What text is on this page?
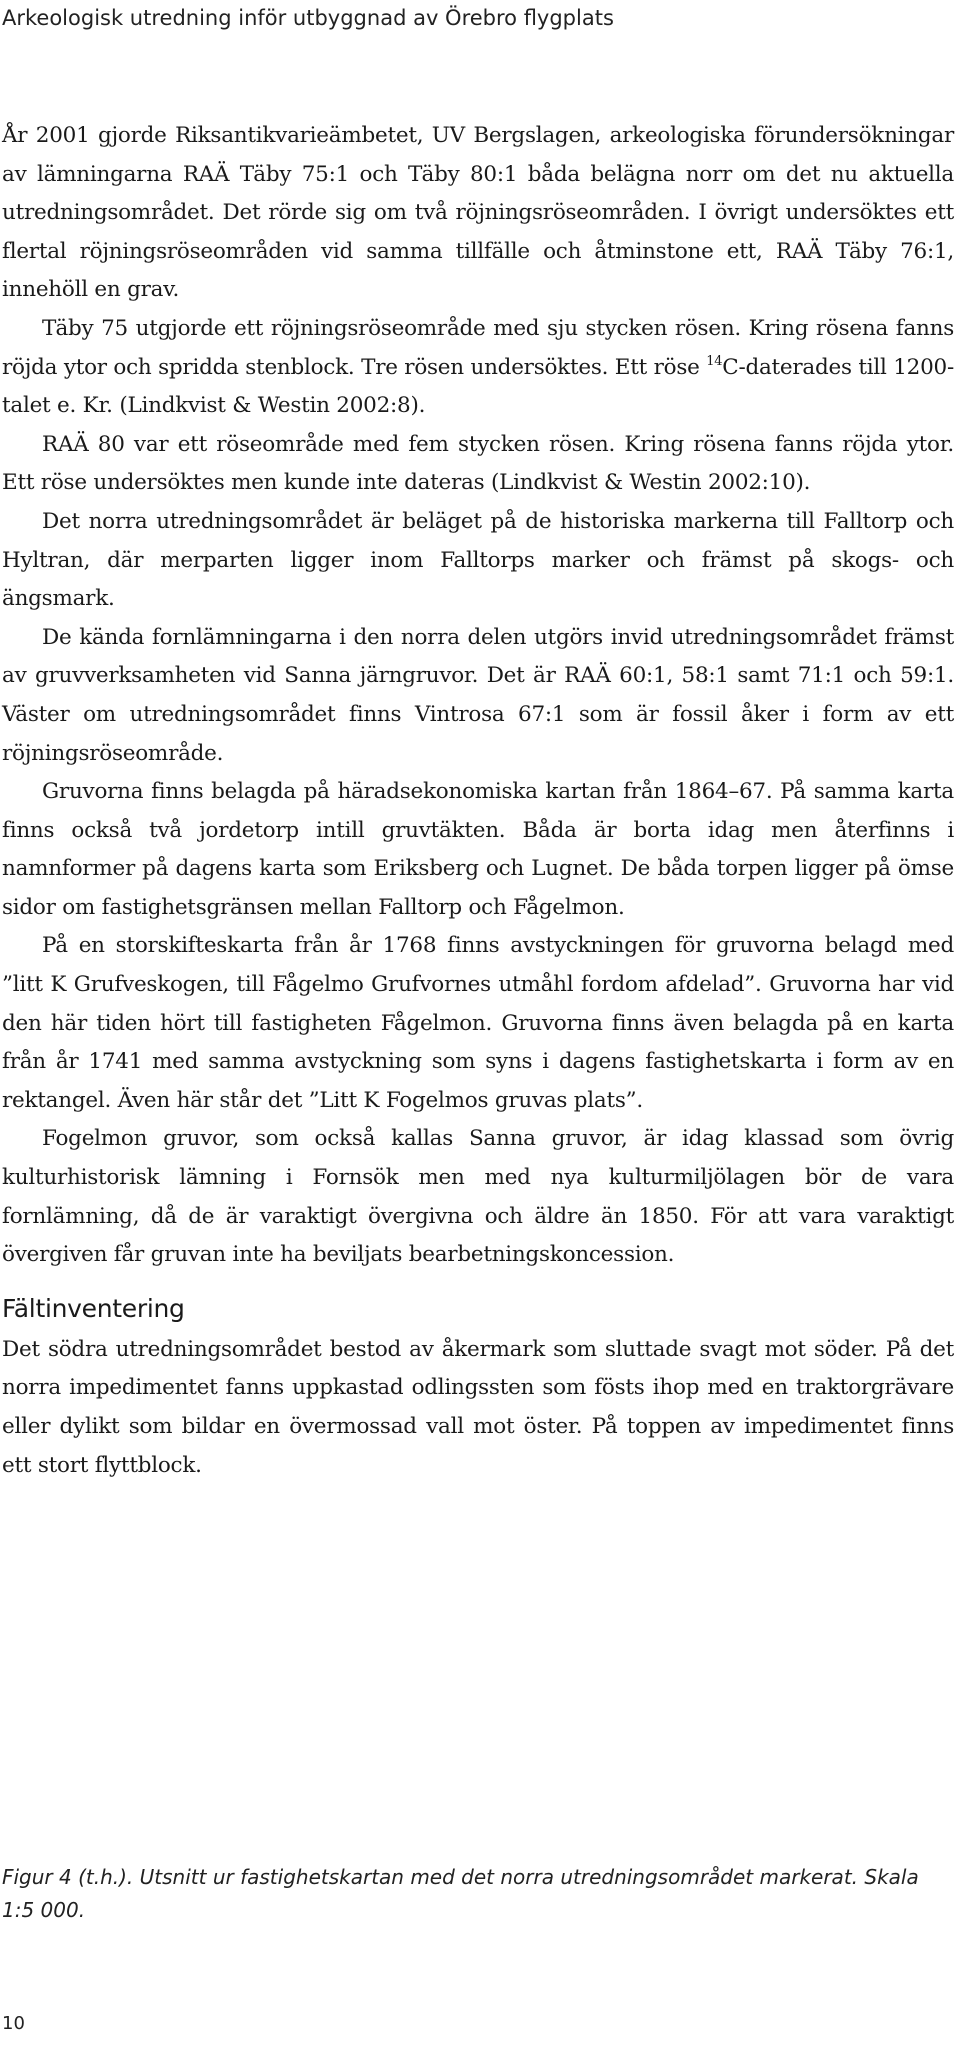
Arkeologisk utredning inför utbyggnad av Örebro flygplats

År 2001 gjorde Riksantikvarieämbetet, UV Bergslagen, arkeologiska förundersökningar av lämningarna RAÄ Täby 75:1 och Täby 80:1 båda belägna norr om det nu aktuella utredningsområdet. Det rörde sig om två röjningsröseområden. I övrigt undersöktes ett flertal röjningsröseområden vid samma tillfälle och åtminstone ett, RAÄ Täby 76:1, innehöll en grav.

Täby 75 utgjorde ett röjningsröseområde med sju stycken rösen. Kring rösena fanns röjda ytor och spridda stenblock. Tre rösen undersöktes. Ett röse $^{14}$C-daterades till 1200-talet e. Kr. (Lindkvist & Westin 2002:8).

RAÄ 80 var ett röseområde med fem stycken rösen. Kring rösena fanns röjda ytor. Ett röse undersöktes men kunde inte dateras (Lindkvist & Westin 2002:10).

Det norra utredningsområdet är beläget på de historiska markerna till Falltorp och Hyltran, där merparten ligger inom Falltorps marker och främst på skogs- och ängsmark.

De kända fornlämningarna i den norra delen utgörs invid utredningsområdet främst av gruvverksamheten vid Sanna järngruvor. Det är RAÄ 60:1, 58:1 samt 71:1 och 59:1. Väster om utredningsområdet finns Vintrosa 67:1 som är fossil åker i form av ett röjningsröseområde.

Gruvorna finns belagda på häradsekonomiska kartan från 1864–67. På samma karta finns också två jordetorp intill gruvtäkten. Båda är borta idag men återfinns i namnformer på dagens karta som Eriksberg och Lugnet. De båda torpen ligger på ömse sidor om fastighetsgränsen mellan Falltorp och Fågelmon.

På en storskifteskarta från år 1768 finns avstyckningen för gruvorna belagd med ”litt K Grufveskogen, till Fågelmo Grufvornes utmåhl fordom afdelad”. Gruvorna har vid den här tiden hört till fastigheten Fågelmon. Gruvorna finns även belagda på en karta från år 1741 med samma avstyckning som syns i dagens fastighetskarta i form av en rektangel. Även här står det ”Litt K Fogelmos gruvas plats”.

Fogelmon gruvor, som också kallas Sanna gruvor, är idag klassad som övrig kulturhistorisk lämning i Fornsök men med nya kulturmiljölagen bör de vara fornlämning, då de är varaktigt övergivna och äldre än 1850. För att vara varaktigt övergiven får gruvan inte ha beviljats bearbetningskoncession.

Fältinventering

Det södra utredningsområdet bestod av åkermark som sluttade svagt mot söder. På det norra impedimentet fanns uppkastad odlingssten som fösts ihop med en traktorgrävare eller dylikt som bildar en övermossad vall mot öster. På toppen av impedimentet finns ett stort flyttblock.

Figur 4 (t.h.). Utsnitt ur fastighetskartan med det norra utredningsområdet markerat. Skala 1:5 000.
10
